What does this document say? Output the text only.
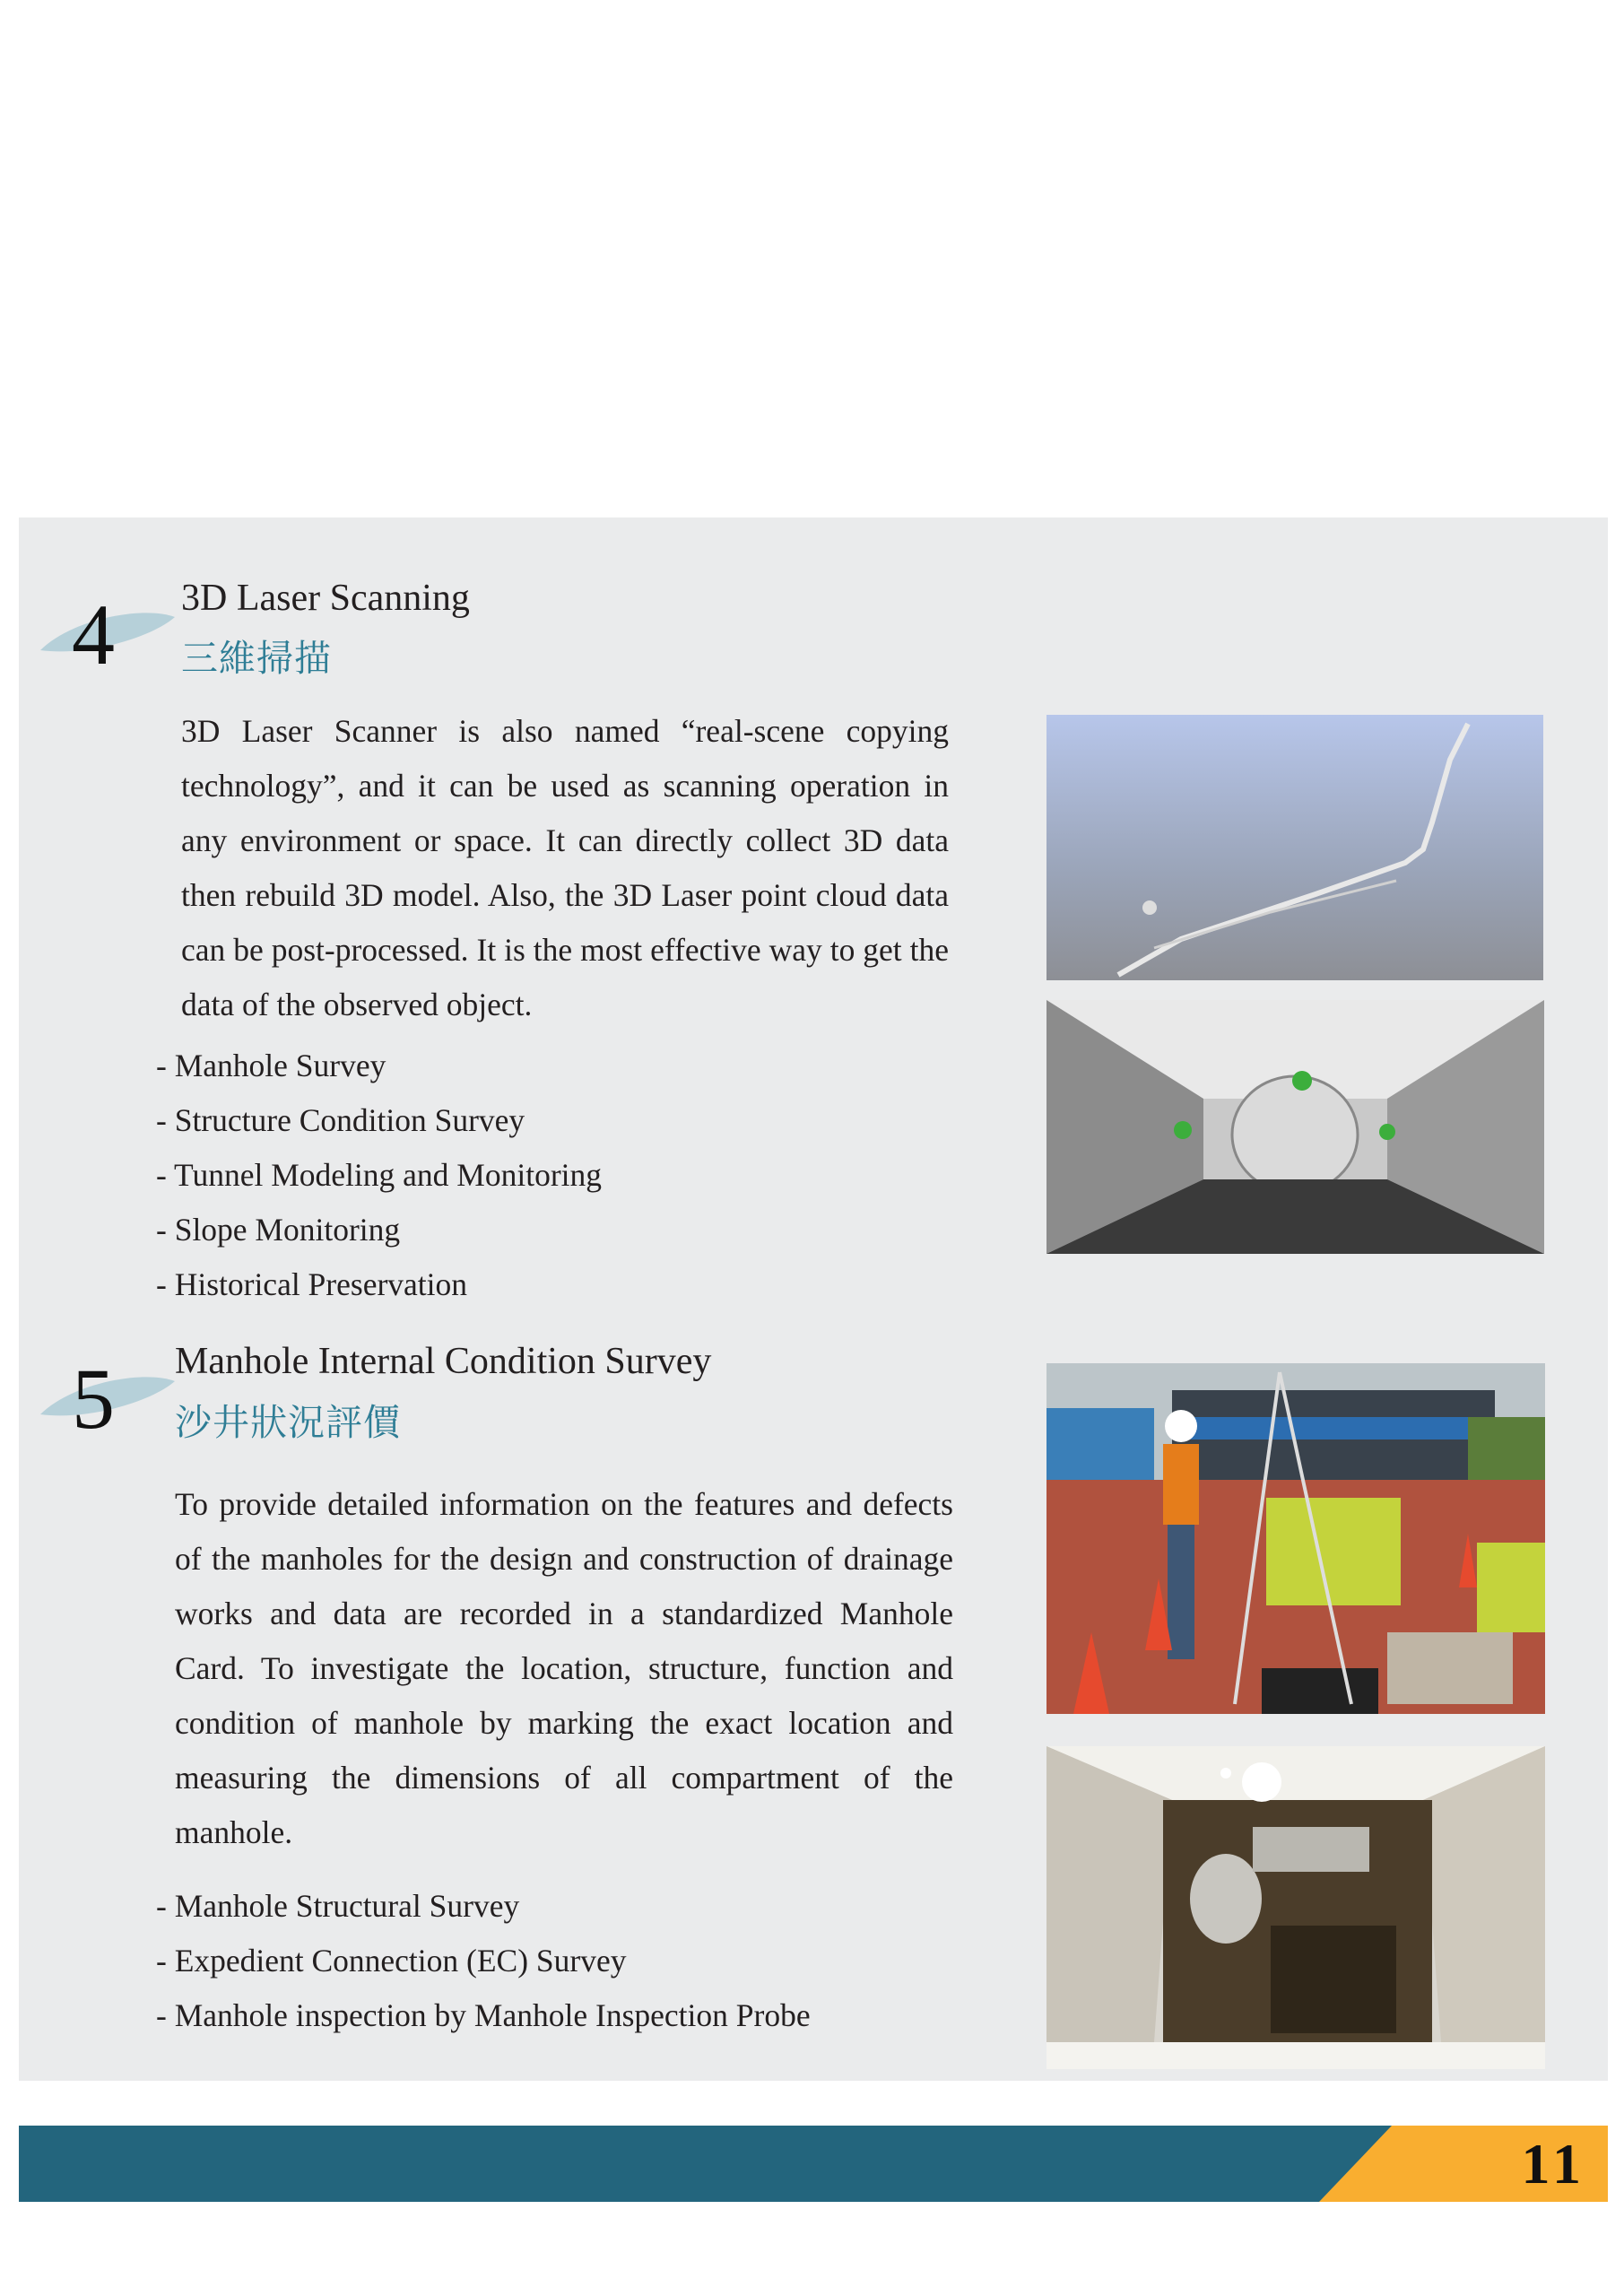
4 3D Laser Scanning
三維掃描

3D Laser Scanner is also named “real-scene copying technology”, and it can be used as scanning operation in any environment or space. It can directly collect 3D data then rebuild 3D model. Also, the 3D Laser point cloud data can be post-processed. It is the most effective way to get the data of the observed object.

- Manhole Survey
- Structure Condition Survey
- Tunnel Modeling and Monitoring
- Slope Monitoring
- Historical Preservation
5 Manhole Internal Condition Survey
沙井狀況評價

To provide detailed information on the features and defects of the manholes for the design and construction of drainage works and data are recorded in a standardized Manhole Card. To investigate the location, structure, function and condition of manhole by marking the exact location and measuring the dimensions of all compartment of the manhole.

- Manhole Structural Survey
- Expedient Connection (EC) Survey
- Manhole inspection by Manhole Inspection Probe
11
